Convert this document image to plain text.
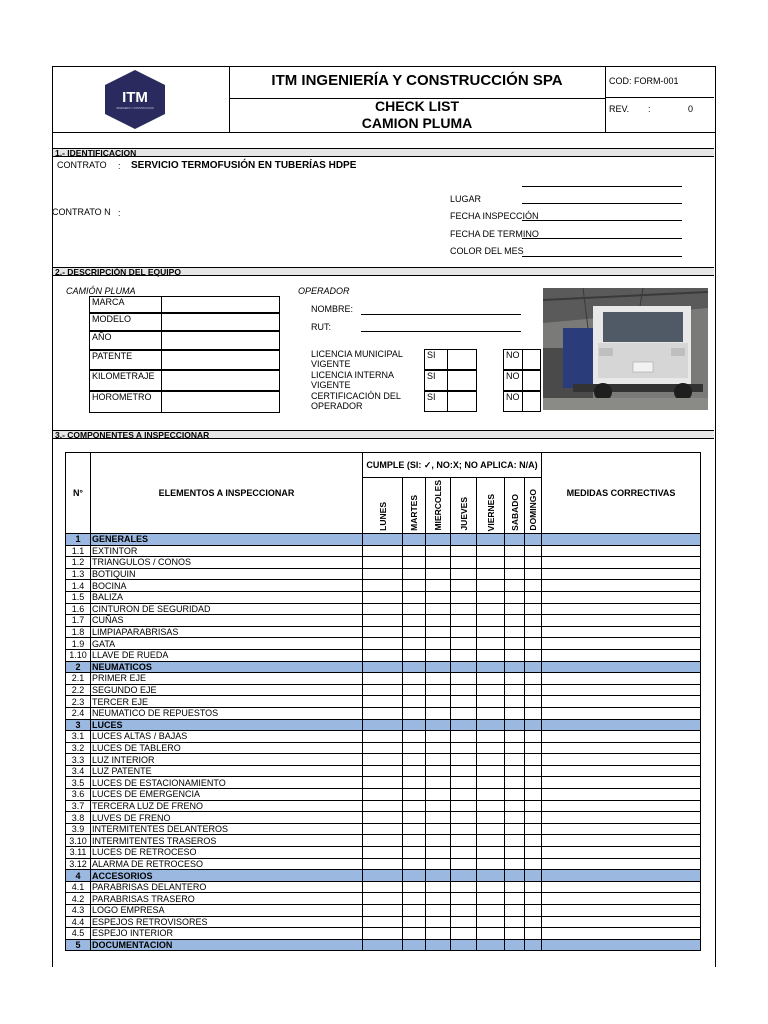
ITM
INGENIERÍA Y CONSTRUCCIÓN
ITM INGENIERÍA Y CONSTRUCCIÓN SPA
CHECK LIST
CAMION PLUMA
COD: FORM-001
REV. :	0
1.- IDENTIFICACION
CONTRATO : SERVICIO TERMOFUSIÓN EN TUBERÍAS HDPE
LUGAR
CONTRATO N :	FECHA INSPECCIÓN
FECHA DE TERMINO
COLOR DEL MES
2.- DESCRIPCIÓN DEL EQUIPO
CAMIÓN PLUMA	OPERADOR
MARCA
MODELO
AÑO
PATENTE
KILOMETRAJE
HOROMETRO
NOMBRE:
RUT:
LICENCIA MUNICIPAL
VIGENTE
SI	NO
LICENCIA INTERNA
VIGENTE
SI	NO
CERTIFICACIÓN DEL
OPERADOR
SI	NO
3.- COMPONENTES A INSPECCIONAR
N°	ELEMENTOS A INSPECCIONAR	CUMPLE (SI: ✓, NO:X; NO APLICA: N/A)							MEDIDAS CORRECTIVAS
		LUNES	MARTES	MIERCOLES	JUEVES	VIERNES	SABADO	DOMINGO	
1	GENERALES								
1.1	EXTINTOR								
1.2	TRIANGULOS / CONOS								
1.3	BOTIQUIN								
1.4	BOCINA								
1.5	BALIZA								
1.6	CINTURON DE SEGURIDAD								
1.7	CUÑAS								
1.8	LIMPIAPARABRISAS								
1.9	GATA								
1.10	LLAVE DE RUEDA								
2	NEUMATICOS								
2.1	PRIMER EJE								
2.2	SEGUNDO EJE								
2.3	TERCER EJE								
2.4	NEUMATICO DE REPUESTOS								
3	LUCES								
3.1	LUCES ALTAS / BAJAS								
3.2	LUCES DE TABLERO								
3.3	LUZ INTERIOR								
3.4	LUZ PATENTE								
3.5	LUCES DE ESTACIONAMIENTO								
3.6	LUCES DE EMERGENCIA								
3.7	TERCERA LUZ DE FRENO								
3.8	LUVES DE FRENO								
3.9	INTERMITENTES DELANTEROS								
3.10	INTERMITENTES TRASEROS								
3.11	LUCES DE RETROCESO								
3.12	ALARMA DE RETROCESO								
4	ACCESORIOS								
4.1	PARABRISAS DELANTERO								
4.2	PARABRISAS TRASERO								
4.3	LOGO EMPRESA								
4.4	ESPEJOS RETROVISORES								
4.5	ESPEJO INTERIOR								
5	DOCUMENTACION								
